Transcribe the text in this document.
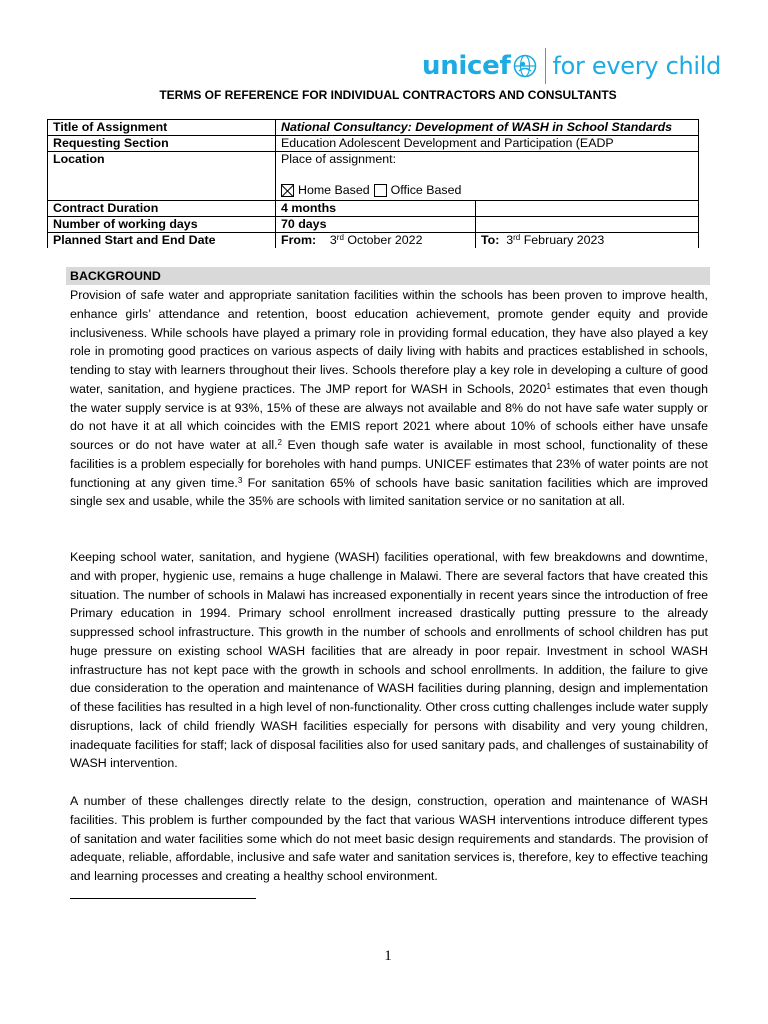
unicef for every child
TERMS OF REFERENCE FOR INDIVIDUAL CONTRACTORS AND CONSULTANTS
Title of Assignment	National Consultancy: Development of WASH in School Standards	
Requesting Section	Education Adolescent Development and Participation (EADP	
Location	Place of assignment:
Home Based Office Based	

Contract Duration	4 months	
Number of working days	70 days	
Planned Start and End Date	From: 3rd October 2022	To: 3rd February 2023
BACKGROUND

Provision of safe water and appropriate sanitation facilities within the schools has been proven to improve health, enhance girls’ attendance and retention, boost education achievement, promote gender equity and provide inclusiveness. While schools have played a primary role in providing formal education, they have also played a key role in promoting good practices on various aspects of daily living with habits and practices established in schools, tending to stay with learners throughout their lives. Schools therefore play a key role in developing a culture of good water, sanitation, and hygiene practices. The JMP report for WASH in Schools, 2020$^1$ estimates that even though the water supply service is at 93%, 15% of these are always not available and 8% do not have safe water supply or do not have it at all which coincides with the EMIS report 2021 where about 10% of schools either have unsafe sources or do not have water at all.$^2$ Even though safe water is available in most school, functionality of these facilities is a problem especially for boreholes with hand pumps. UNICEF estimates that 23% of water points are not functioning at any given time.$^3$ For sanitation 65% of schools have basic sanitation facilities which are improved single sex and usable, while the 35% are schools with limited sanitation service or no sanitation at all.

Keeping school water, sanitation, and hygiene (WASH) facilities operational, with few breakdowns and downtime, and with proper, hygienic use, remains a huge challenge in Malawi. There are several factors that have created this situation. The number of schools in Malawi has increased exponentially in recent years since the introduction of free Primary education in 1994. Primary school enrollment increased drastically putting pressure to the already suppressed school infrastructure. This growth in the number of schools and enrollments of school children has put huge pressure on existing school WASH facilities that are already in poor repair. Investment in school WASH infrastructure has not kept pace with the growth in schools and school enrollments. In addition, the failure to give due consideration to the operation and maintenance of WASH facilities during planning, design and implementation of these facilities has resulted in a high level of non-functionality. Other cross cutting challenges include water supply disruptions, lack of child friendly WASH facilities especially for persons with disability and very young children, inadequate facilities for staff; lack of disposal facilities also for used sanitary pads, and challenges of sustainability of WASH intervention.

A number of these challenges directly relate to the design, construction, operation and maintenance of WASH facilities. This problem is further compounded by the fact that various WASH interventions introduce different types of sanitation and water facilities some which do not meet basic design requirements and standards. The provision of adequate, reliable, affordable, inclusive and safe water and sanitation services is, therefore, key to effective teaching and learning processes and creating a healthy school environment.

1
